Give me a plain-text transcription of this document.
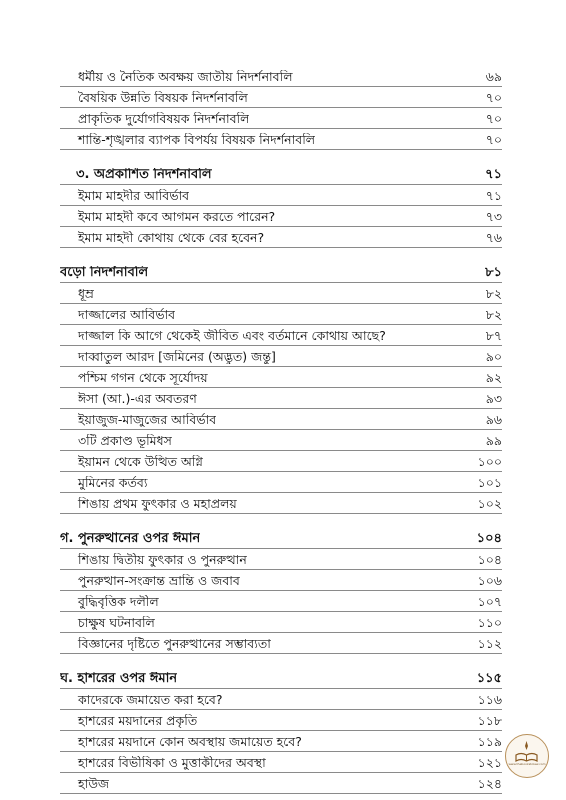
ধর্মীয় ও নৈতিক অবক্ষয় জাতীয় নিদর্শনাবলি	৬৯
বৈষয়িক উন্নতি বিষয়ক নিদর্শনাবলি	৭০
প্রাকৃতিক দুর্যোগবিষয়ক নিদর্শনাবলি	৭০
শান্তি-শৃঙ্খলার ব্যাপক বিপর্যয় বিষয়ক নিদর্শনাবলি	৭০
৩. অপ্রকাশিত নিদর্শনাবলি	৭১
ইমাম মাহদীর আবির্ভাব	৭১
ইমাম মাহদী কবে আগমন করতে পারেন?	৭৩
ইমাম মাহদী কোথায় থেকে বের হবেন?	৭৬
বড়ো নিদর্শনাবলি	৮১
ধূম্র	৮২
দাজ্জালের আবির্ভাব	৮২
দাজ্জাল কি আগে থেকেই জীবিত এবং বর্তমানে কোথায় আছে?	৮৭
দাব্বাতুল আরদ [জমিনের (অদ্ভুত) জন্তু]	৯০
পশ্চিম গগন থেকে সূর্যোদয়	৯২
ঈসা (আ.)-এর অবতরণ	৯৩
ইয়াজুজ-মাজুজের আবির্ভাব	৯৬
৩টি প্রকাণ্ড ভূমিধস	৯৯
ইয়ামন থেকে উত্থিত অগ্নি	১০০
মুমিনের কর্তব্য	১০১
শিঙায় প্রথম ফুৎকার ও মহাপ্রলয়	১০২
গ. পুনরুত্থানের ওপর ঈমান	১০৪
শিঙায় দ্বিতীয় ফুৎকার ও পুনরুত্থান	১০৪
পুনরুত্থান-সংক্রান্ত ভ্রান্তি ও জবাব	১০৬
বুদ্ধিবৃত্তিক দলীল	১০৭
চাক্ষুষ ঘটনাবলি	১১০
বিজ্ঞানের দৃষ্টিতে পুনরুত্থানের সম্ভাব্যতা	১১২
ঘ. হাশরের ওপর ঈমান	১১৫
কাদেরকে জমায়েত করা হবে?	১১৬
হাশরের ময়দানের প্রকৃতি	১১৮
হাশরের ময়দানে কোন অবস্থায় জমায়েত হবে?	১১৯
হাশরের বিভীষিকা ও মুত্তাকীদের অবস্থা	১২১
হাউজ	১২৪
www.thebookstolaw.com
